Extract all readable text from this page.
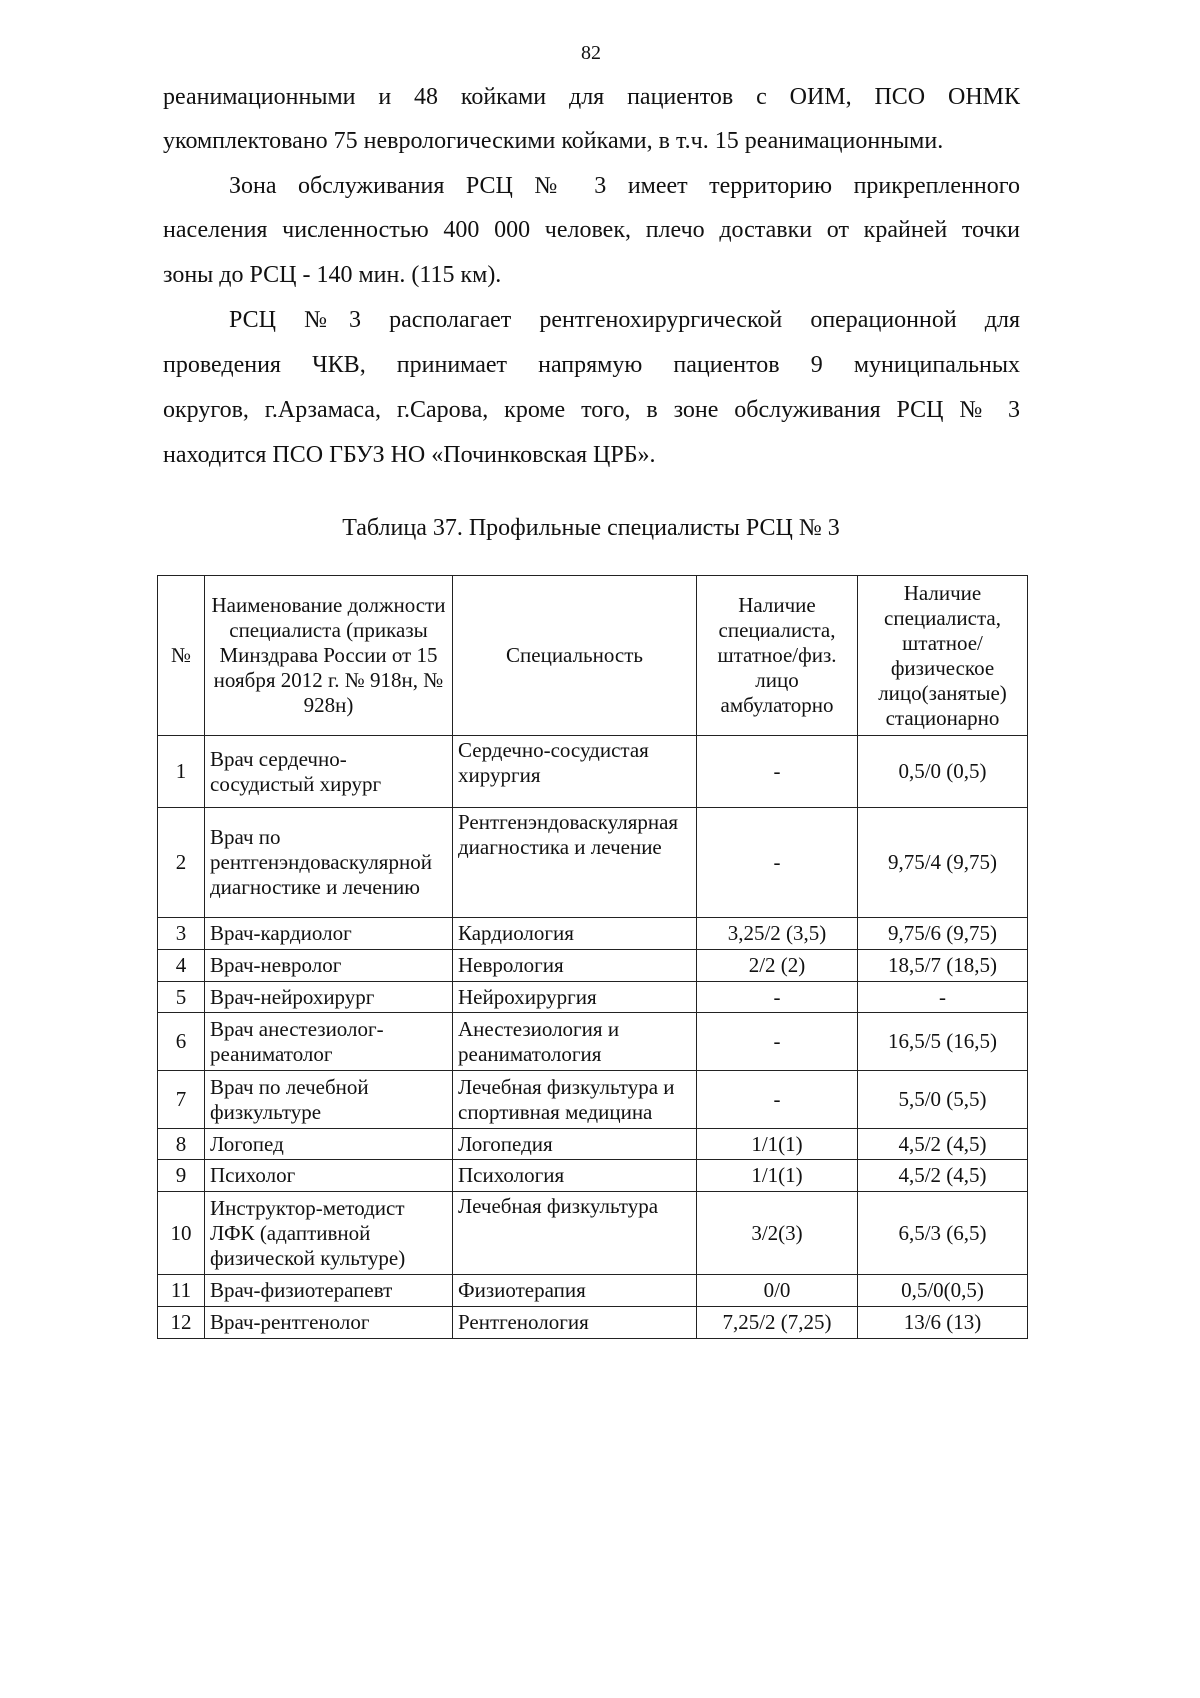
82
реанимационными и 48 койками для пациентов с ОИМ, ПСО ОНМК
укомплектовано 75 неврологическими койками, в т.ч. 15 реанимационными.
Зона обслуживания РСЦ № 3 имеет территорию прикрепленного
населения численностью 400 000 человек, плечо доставки от крайней точки
зоны до РСЦ - 140 мин. (115 км).
РСЦ №3 располагает рентгенохирургической операционной для
проведения ЧКВ, принимает напрямую пациентов 9 муниципальных
округов, г.Арзамаса, г.Сарова, кроме того, в зоне обслуживания РСЦ № 3
находится ПСО ГБУЗ НО «Починковская ЦРБ».
Таблица 37. Профильные специалисты РСЦ № 3
№	Наименование должности специалиста (приказы Минздрава России от 15 ноября 2012 г. № 918н, № 928н)	Специальность	Наличие специалиста, штатное/физ. лицо амбулаторно	Наличие специалиста, штатное/физическое лицо(занятые) стационарно
1	Врач сердечно-сосудистый хирург	Сердечно-сосудистая хирургия	-	0,5/0 (0,5)
2	Врач по рентгенэндоваскулярной диагностике и лечению	Рентгенэндоваскулярная диагностика и лечение	-	9,75/4 (9,75)
3	Врач-кардиолог	Кардиология	3,25/2 (3,5)	9,75/6 (9,75)
4	Врач-невролог	Неврология	2/2 (2)	18,5/7 (18,5)
5	Врач-нейрохирург	Нейрохирургия	-	-
6	Врач анестезиолог-реаниматолог	Анестезиология и реаниматология	-	16,5/5 (16,5)
7	Врач по лечебной физкультуре	Лечебная физкультура и спортивная медицина	-	5,5/0 (5,5)
8	Логопед	Логопедия	1/1(1)	4,5/2 (4,5)
9	Психолог	Психология	1/1(1)	4,5/2 (4,5)
10	Инструктор-методист ЛФК (адаптивной физической культуре)	Лечебная физкультура	3/2(3)	6,5/3 (6,5)
11	Врач-физиотерапевт	Физиотерапия	0/0	0,5/0(0,5)
12	Врач-рентгенолог	Рентгенология	7,25/2 (7,25)	13/6 (13)
